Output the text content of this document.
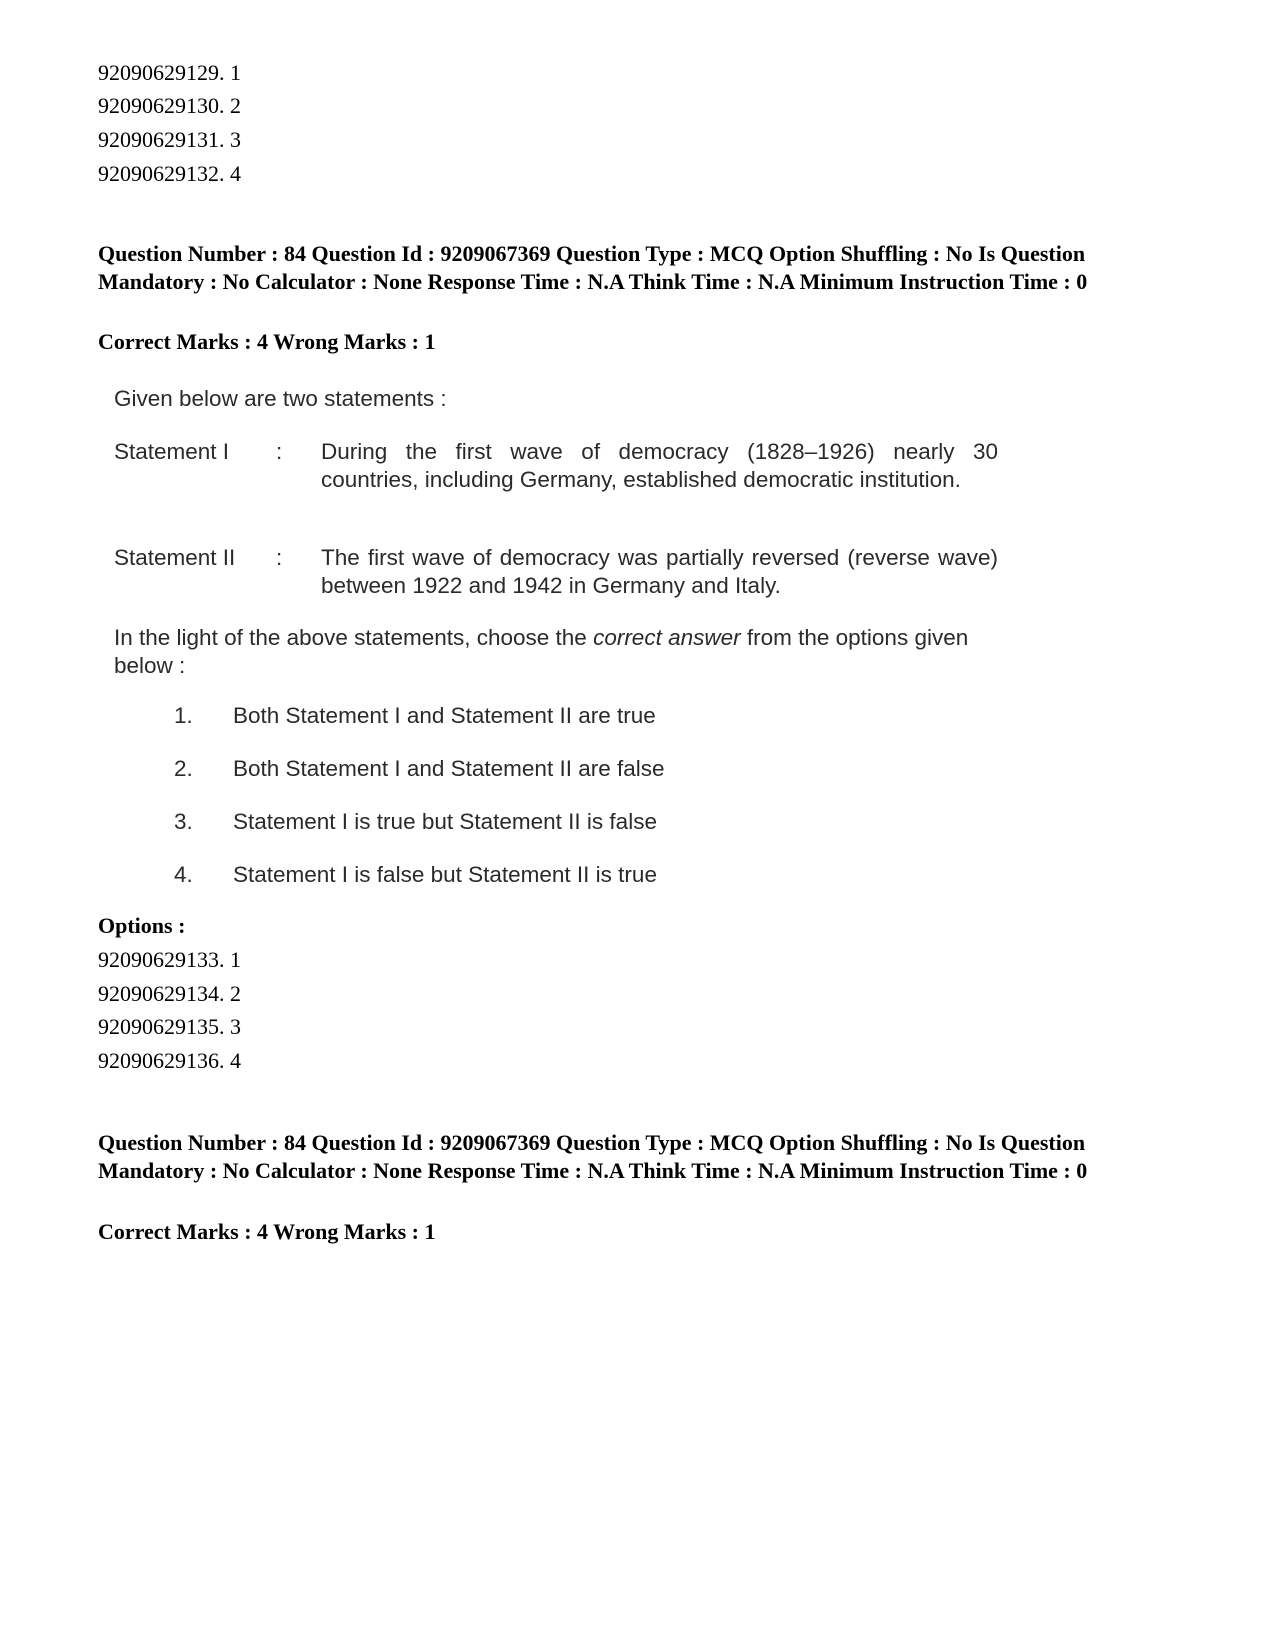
92090629129. 1
92090629130. 2
92090629131. 3
92090629132. 4
Question Number : 84 Question Id : 9209067369 Question Type : MCQ Option Shuffling : No Is Question Mandatory : No Calculator : None Response Time : N.A Think Time : N.A Minimum Instruction Time : 0
Correct Marks : 4 Wrong Marks : 1
Given below are two statements :
Statement I : During the first wave of democracy (1828–1926) nearly 30 countries, including Germany, established democratic institution.
Statement II : The first wave of democracy was partially reversed (reverse wave) between 1922 and 1942 in Germany and Italy.
In the light of the above statements, choose the correct answer from the options given below :
1. Both Statement I and Statement II are true
2. Both Statement I and Statement II are false
3. Statement I is true but Statement II is false
4. Statement I is false but Statement II is true
Options :
92090629133. 1
92090629134. 2
92090629135. 3
92090629136. 4
Question Number : 84 Question Id : 9209067369 Question Type : MCQ Option Shuffling : No Is Question Mandatory : No Calculator : None Response Time : N.A Think Time : N.A Minimum Instruction Time : 0
Correct Marks : 4 Wrong Marks : 1
